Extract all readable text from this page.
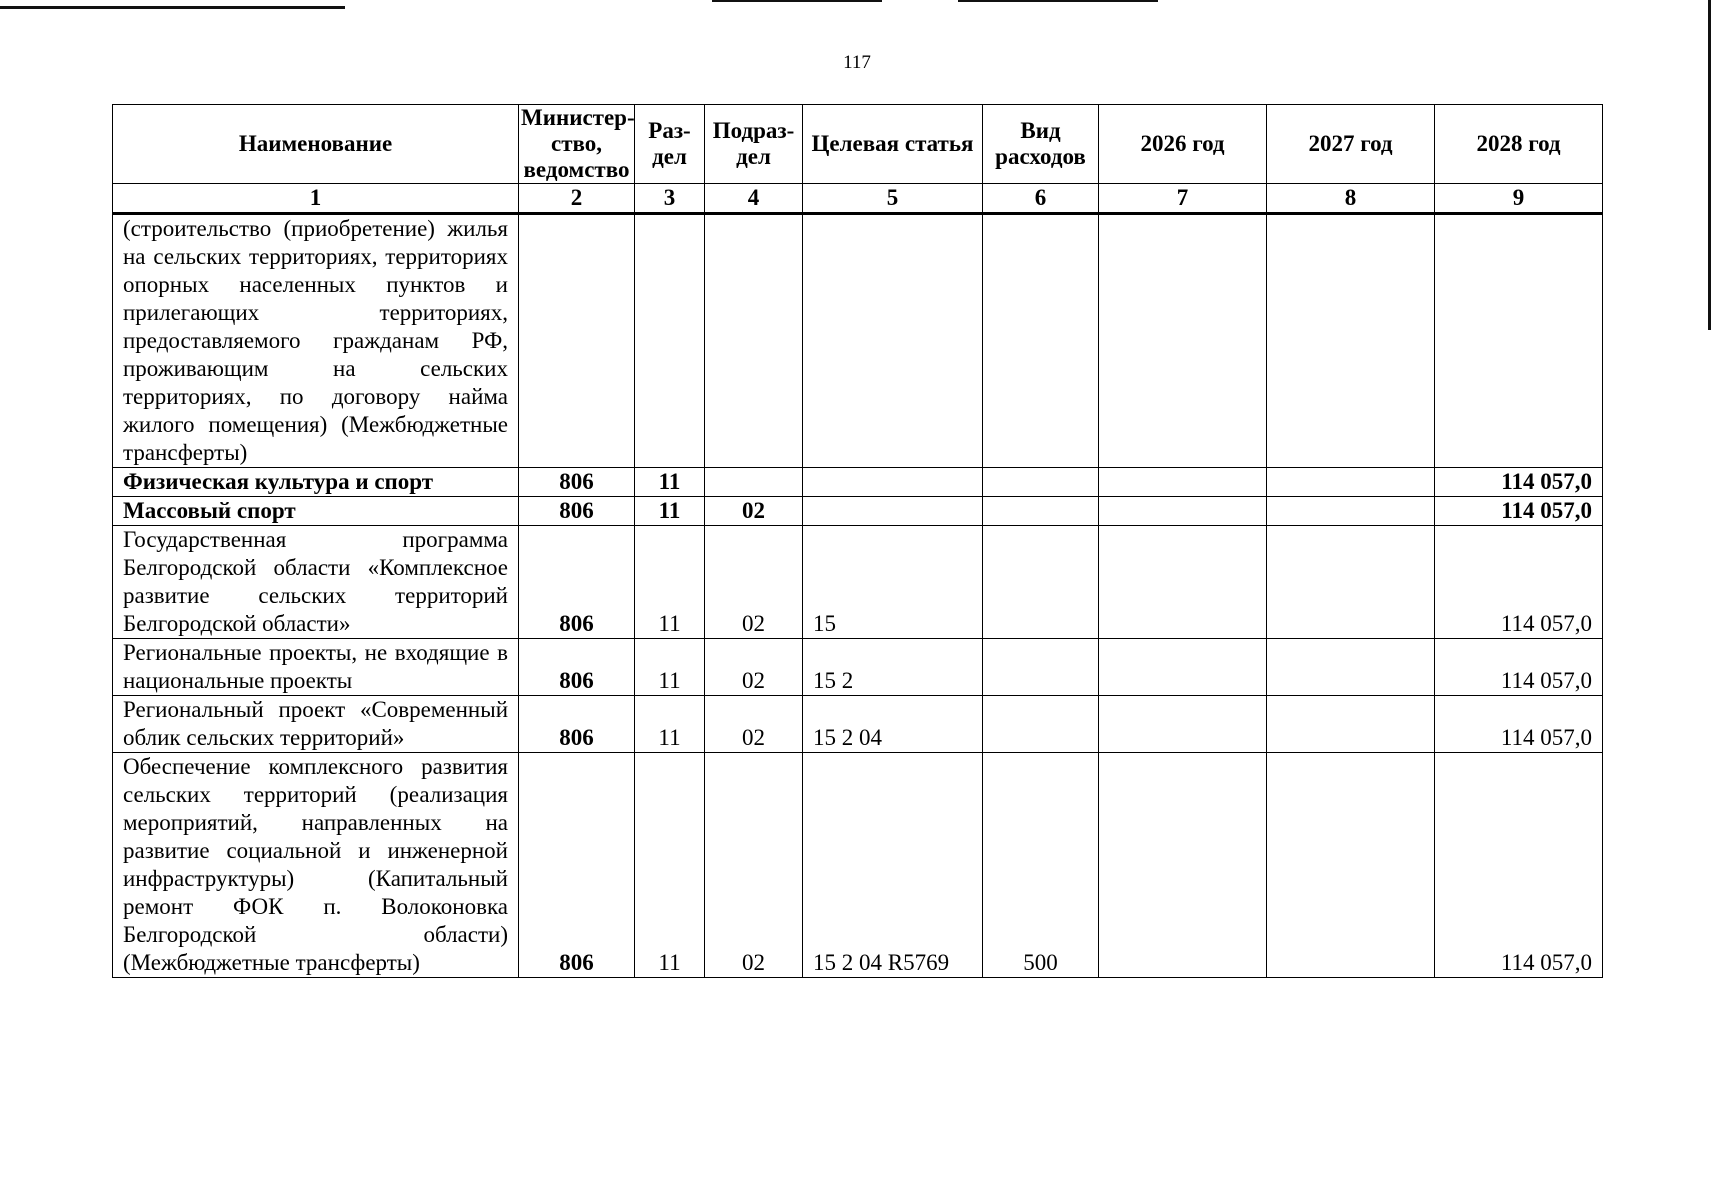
117
Наименование	Министер-ство, ведомство	Раз-дел	Подраз-дел	Целевая статья	Вид расходов	2026 год	2027 год	2028 год
1	2	3	4	5	6	7	8	9
(строительство (приобретение) жилья на сельских территориях, территориях опорных населенных пунктов и прилегающих территориях, предоставляемого гражданам РФ, проживающим на сельских территориях, по договору найма жилого помещения) (Межбюджетные трансферты)								
Физическая культура и спорт	806	11						114 057,0
Массовый спорт	806	11	02					114 057,0
Государственная программа Белгородской области «Комплексное развитие сельских территорий Белгородской области»	806	11	02	15				114 057,0
Региональные проекты, не входящие в национальные проекты	806	11	02	15 2				114 057,0
Региональный проект «Современный облик сельских территорий»	806	11	02	15 2 04				114 057,0
Обеспечение комплексного развития сельских территорий (реализация мероприятий, направленных на развитие социальной и инженерной инфраструктуры) (Капитальный ремонт ФОК п. Волоконовка Белгородской области) (Межбюджетные трансферты)	806	11	02	15 2 04 R5769	500			114 057,0
